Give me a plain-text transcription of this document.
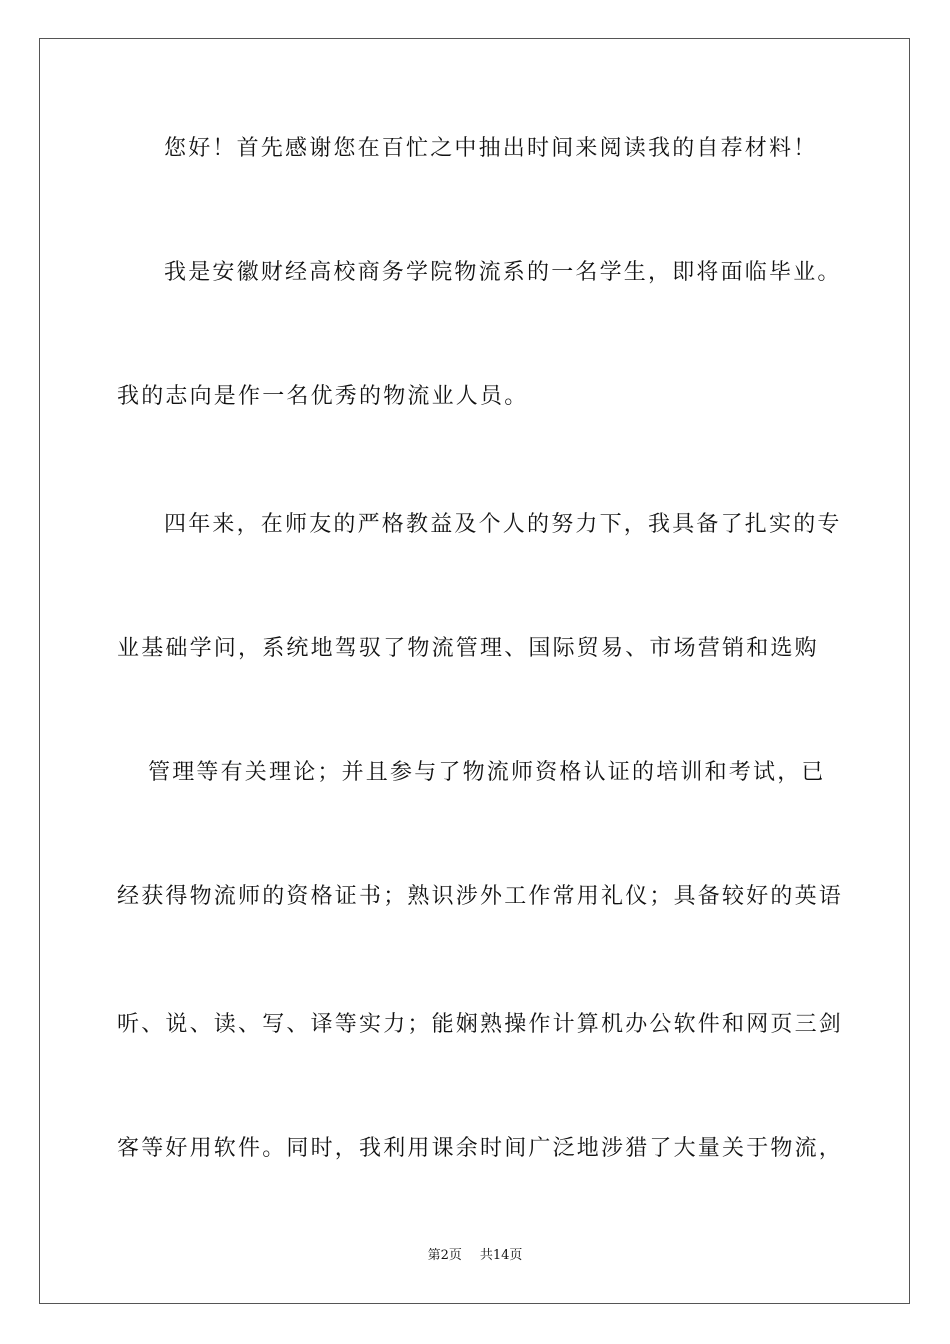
您好！首先感谢您在百忙之中抽出时间来阅读我的自荐材料！
我是安徽财经高校商务学院物流系的一名学生，即将面临毕业。
我的志向是作一名优秀的物流业人员。
四年来，在师友的严格教益及个人的努力下，我具备了扎实的专
业基础学问，系统地驾驭了物流管理、国际贸易、市场营销和选购
管理等有关理论；并且参与了物流师资格认证的培训和考试，已
经获得物流师的资格证书；熟识涉外工作常用礼仪；具备较好的英语
听、说、读、写、译等实力；能娴熟操作计算机办公软件和网页三剑
客等好用软件。同时，我利用课余时间广泛地涉猎了大量关于物流，
第2页 共14页
